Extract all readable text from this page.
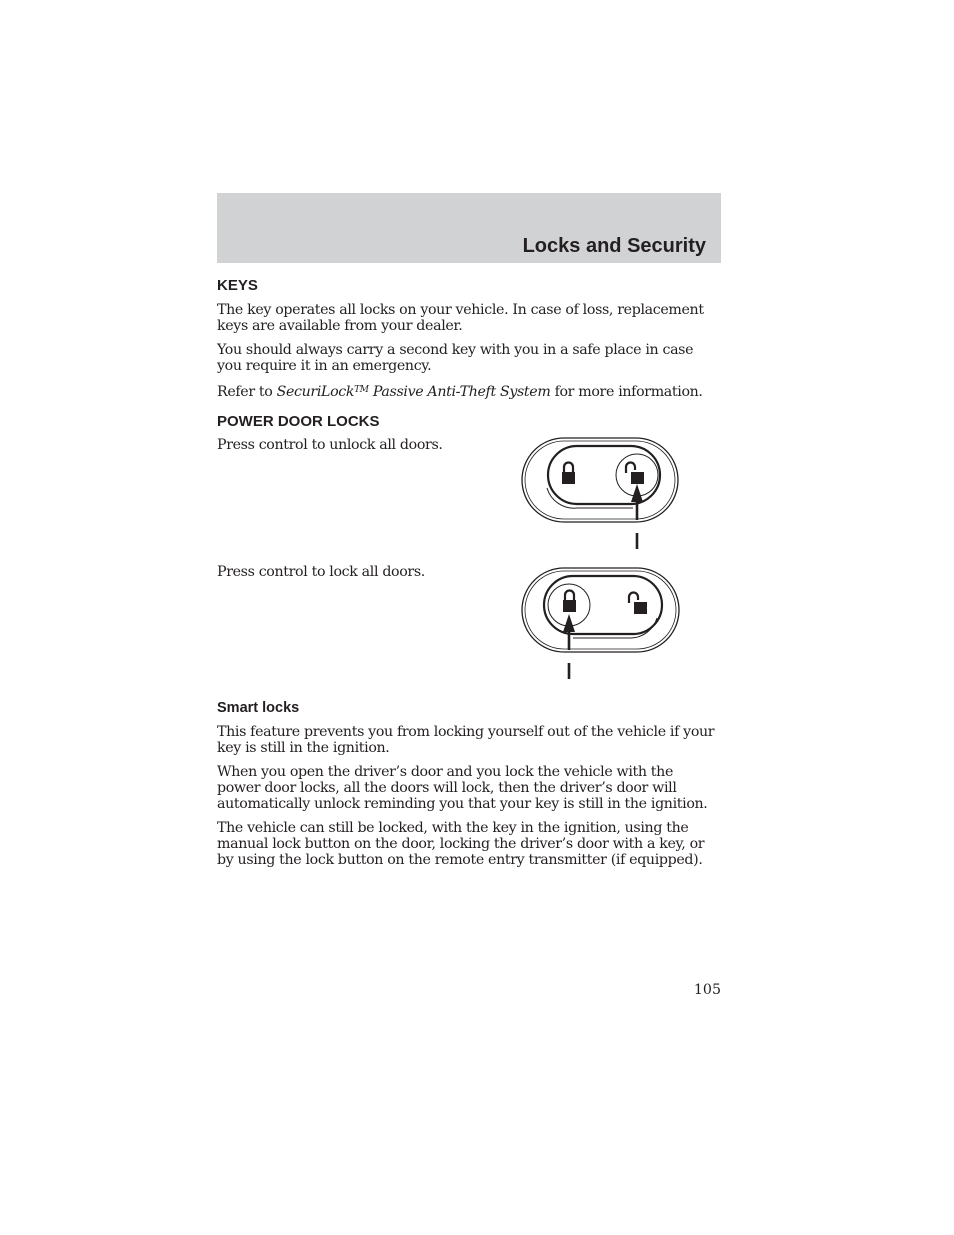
Locks and Security
KEYS

The key operates all locks on your vehicle. In case of loss, replacement
keys are available from your dealer.

You should always carry a second key with you in a safe place in case
you require it in an emergency.

Refer to SecuriLock™ Passive Anti-Theft System for more information.

POWER DOOR LOCKS

Press control to unlock all doors.

Press control to lock all doors.

Smart locks

This feature prevents you from locking yourself out of the vehicle if your
key is still in the ignition.

When you open the driver’s door and you lock the vehicle with the
power door locks, all the doors will lock, then the driver’s door will
automatically unlock reminding you that your key is still in the ignition.

The vehicle can still be locked, with the key in the ignition, using the
manual lock button on the door, locking the driver’s door with a key, or
by using the lock button on the remote entry transmitter (if equipped).

105
